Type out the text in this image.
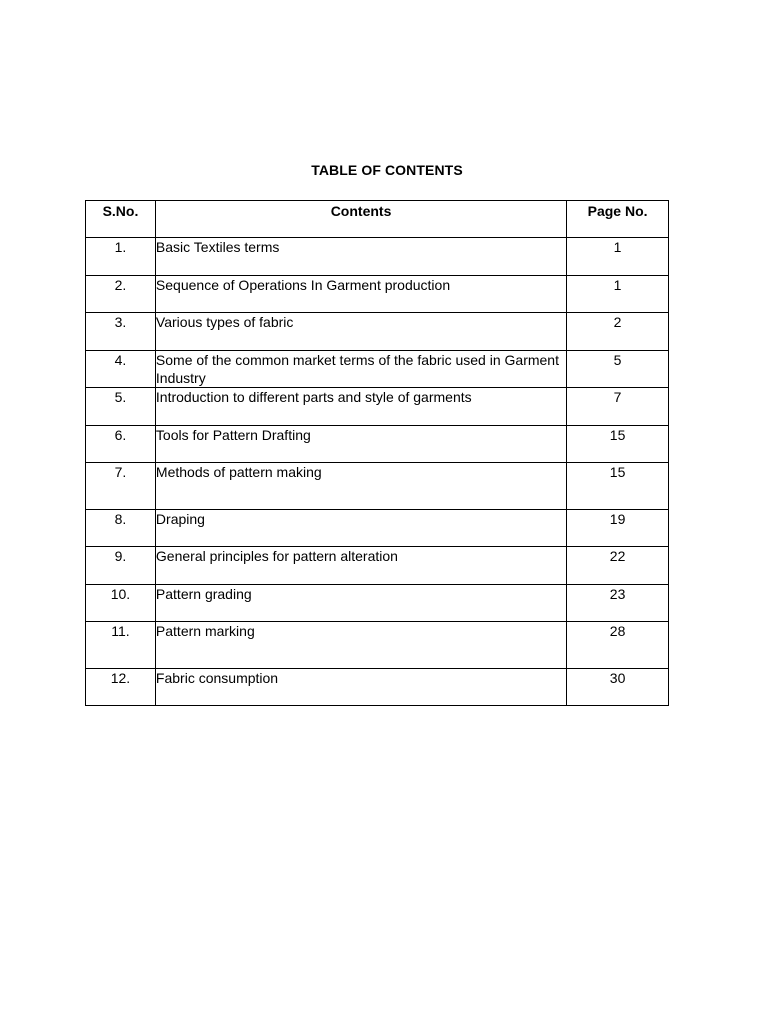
TABLE OF CONTENTS
S.No.	Contents	Page No.
1.	Basic Textiles terms	1
2.	Sequence of Operations In Garment production	1
3.	Various types of fabric	2
4.	Some of the common market terms of the fabric used in Garment Industry	5
5.	Introduction to different parts and style of garments	7
6.	Tools for Pattern Drafting	15
7.	Methods of pattern making	15
8.	Draping	19
9.	General principles for pattern alteration	22
10.	Pattern grading	23
11.	Pattern marking	28
12.	Fabric consumption	30
